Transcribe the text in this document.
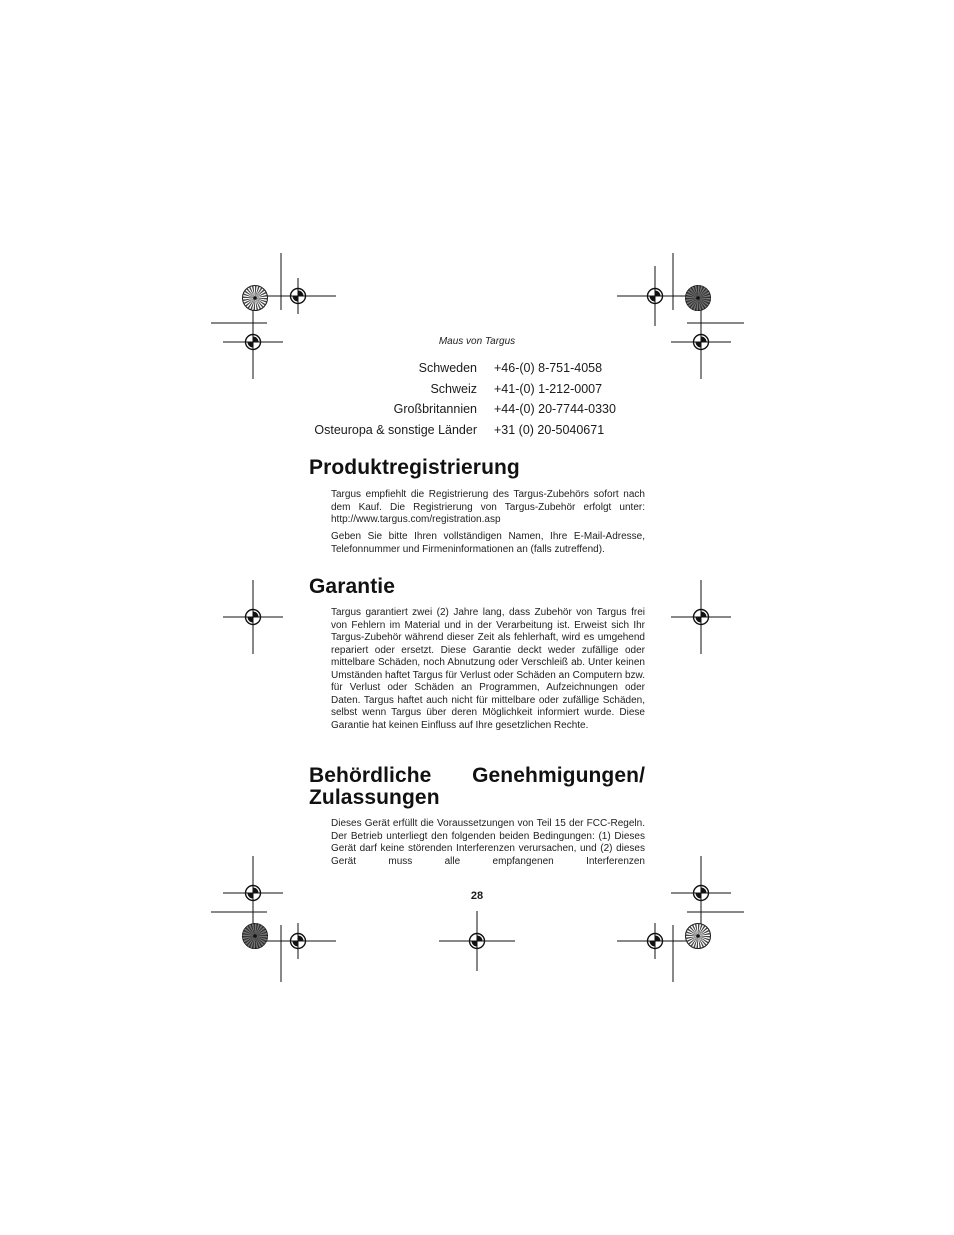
Maus von Targus
Schweden +46-(0) 8-751-4058
Schweiz +41-(0) 1-212-0007
Großbritannien +44-(0) 20-7744-0330
Osteuropa & sonstige Länder +31 (0) 20-5040671
Produktregistrierung

Targus empfiehlt die Registrierung des Targus-Zubehörs sofort nach dem Kauf. Die Registrierung von Targus-Zubehör erfolgt unter: http://www.targus.com/registration.asp

Geben Sie bitte Ihren vollständigen Namen, Ihre E-Mail-Adresse, Telefonnummer und Firmeninformationen an (falls zutreffend).

Garantie

Targus garantiert zwei (2) Jahre lang, dass Zubehör von Targus frei von Fehlern im Material und in der Verarbeitung ist. Erweist sich Ihr Targus-Zubehör während dieser Zeit als fehlerhaft, wird es umgehend repariert oder ersetzt. Diese Garantie deckt weder zufällige oder mittelbare Schäden, noch Abnutzung oder Verschleiß ab. Unter keinen Umständen haftet Targus für Verlust oder Schäden an Computern bzw. für Verlust oder Schäden an Programmen, Aufzeichnungen oder Daten. Targus haftet auch nicht für mittelbare oder zufällige Schäden, selbst wenn Targus über deren Möglichkeit informiert wurde. Diese Garantie hat keinen Einfluss auf Ihre gesetzlichen Rechte.

Behördliche Genehmigungen/
Zulassungen

Dieses Gerät erfüllt die Voraussetzungen von Teil 15 der FCC-Regeln. Der Betrieb unterliegt den folgenden beiden Bedingungen: (1) Dieses Gerät darf keine störenden Interferenzen verursachen, und (2) dieses Gerät muss alle empfangenen Interferenzen

28
